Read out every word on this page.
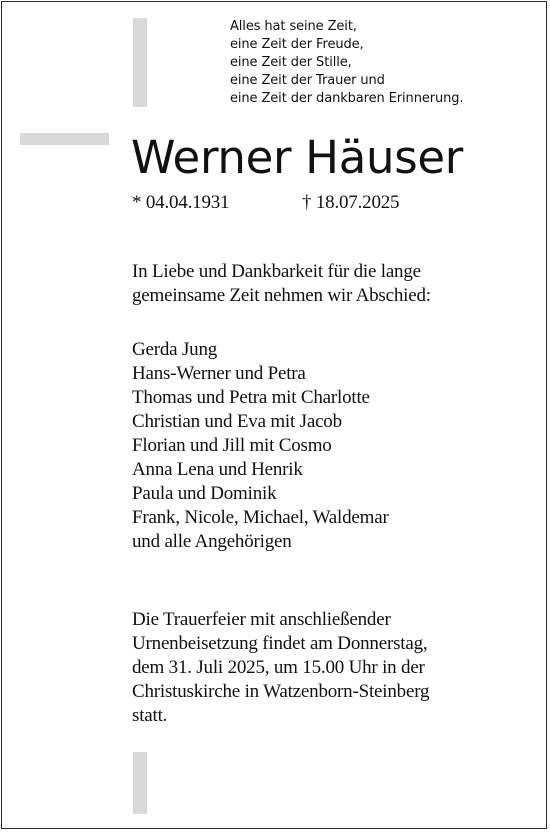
Alles hat seine Zeit,
eine Zeit der Freude,
eine Zeit der Stille,
eine Zeit der Trauer und
eine Zeit der dankbaren Erinnerung.
Werner Häuser
* 04.04.1931	† 18.07.2025
In Liebe und Dankbarkeit für die lange
gemeinsame Zeit nehmen wir Abschied:
Gerda Jung
Hans-Werner und Petra
Thomas und Petra mit Charlotte
Christian und Eva mit Jacob
Florian und Jill mit Cosmo
Anna Lena und Henrik
Paula und Dominik
Frank, Nicole, Michael, Waldemar
und alle Angehörigen
Die Trauerfeier mit anschließender
Urnenbeisetzung findet am Donnerstag,
dem 31. Juli 2025, um 15.00 Uhr in der
Christuskirche in Watzenborn-Steinberg
statt.
